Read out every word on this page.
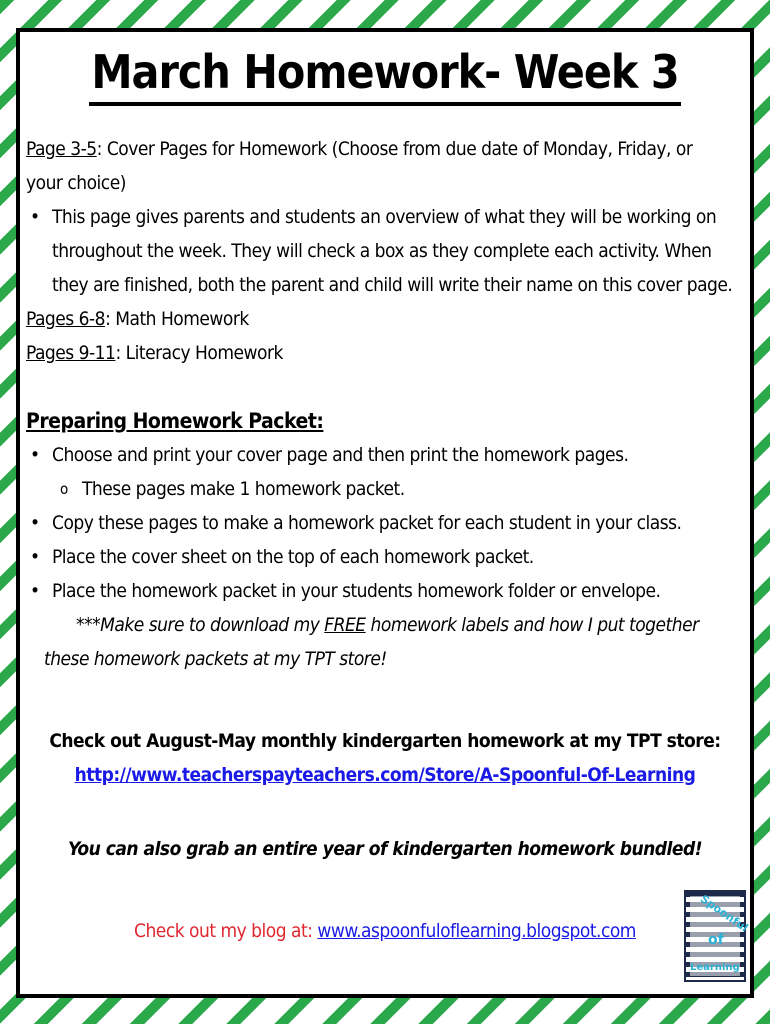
March Homework- Week 3
Page 3-5: Cover Pages for Homework (Choose from due date of Monday, Friday, or
your choice)
• This page gives parents and students an overview of what they will be working on
throughout the week. They will check a box as they complete each activity. When
they are finished, both the parent and child will write their name on this cover page.
Pages 6-8: Math Homework
Pages 9-11: Literacy Homework
Preparing Homework Packet:
• Choose and print your cover page and then print the homework pages.
o These pages make 1 homework packet.
• Copy these pages to make a homework packet for each student in your class.
• Place the cover sheet on the top of each homework packet.
• Place the homework packet in your students homework folder or envelope.
***Make sure to download my FREE homework labels and how I put together
these homework packets at my TPT store!
Check out August-May monthly kindergarten homework at my TPT store:
http://www.teacherspayteachers.com/Store/A-Spoonful-Of-Learning
You can also grab an entire year of kindergarten homework bundled!
Check out my blog at: www.aspoonfuloflearning.blogspot.com	Spoonful
of
Learning
